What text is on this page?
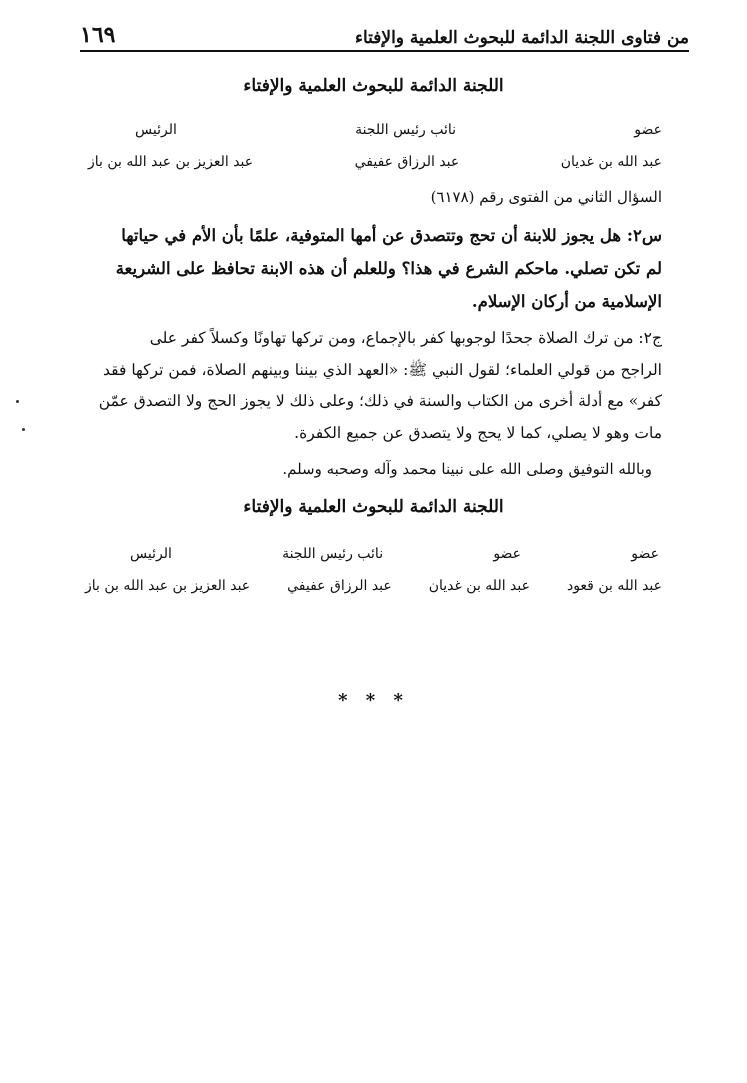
من فتاوى اللجنة الدائمة للبحوث العلمية والإفتاء
١٦٩
اللجنة الدائمة للبحوث العلمية والإفتاء
عضو
نائب رئيس اللجنة
الرئيس
عبد الله بن غديان
عبد الرزاق عفيفي
عبد العزيز بن عبد الله بن باز
السؤال الثاني من الفتوى رقم (٦١٧٨)
س٢: هل يجوز للابنة أن تحج وتتصدق عن أمها المتوفية، علمًا بأن الأم في حياتها
لم تكن تصلي. ماحكم الشرع في هذا؟ وللعلم أن هذه الابنة تحافظ على الشريعة
الإسلامية من أركان الإسلام.
ج٢: من ترك الصلاة جحدًا لوجوبها كفر بالإجماع، ومن تركها تهاونًا وكسلاً كفر على
الراجح من قولي العلماء؛ لقول النبي ﷺ: «العهد الذي بيننا وبينهم الصلاة، فمن تركها فقد
كفر» مع أدلة أخرى من الكتاب والسنة في ذلك؛ وعلى ذلك لا يجوز الحج ولا التصدق عمّن
مات وهو لا يصلي، كما لا يحج ولا يتصدق عن جميع الكفرة.
وبالله التوفيق وصلى الله على نبينا محمد وآله وصحبه وسلم.
اللجنة الدائمة للبحوث العلمية والإفتاء
عضو
عضو
نائب رئيس اللجنة
الرئيس
عبد الله بن قعود
عبد الله بن غديان
عبد الرزاق عفيفي
عبد العزيز بن عبد الله بن باز
* * *
